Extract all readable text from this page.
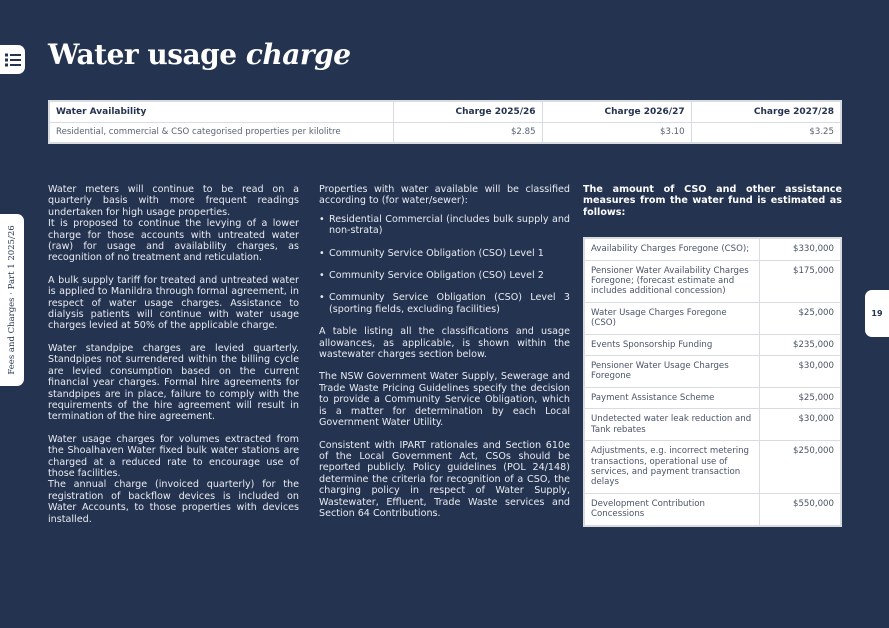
Water usage charge
Fees and Charges · Part 1 2025/26	19
Water Availability	Charge 2025/26	Charge 2026/27	Charge 2027/28
Residential, commercial & CSO categorised properties per kilolitre	$2.85	$3.10	$3.25

Water meters will continue to be read on a quarterly basis with more frequent readings undertaken for high usage properties.

It is proposed to continue the levying of a lower charge for those accounts with untreated water (raw) for usage and availability charges, as recognition of no treatment and reticulation.

A bulk supply tariff for treated and untreated water is applied to Manildra through formal agreement, in respect of water usage charges. Assistance to dialysis patients will continue with water usage charges levied at 50% of the applicable charge.

Water standpipe charges are levied quarterly. Standpipes not surrendered within the billing cycle are levied consumption based on the current financial year charges. Formal hire agreements for standpipes are in place, failure to comply with the requirements of the hire agreement will result in termination of the hire agreement.

Water usage charges for volumes extracted from the Shoalhaven Water fixed bulk water stations are charged at a reduced rate to encourage use of those facilities.

The annual charge (invoiced quarterly) for the registration of backflow devices is included on Water Accounts, to those properties with devices installed.

Properties with water available will be classified according to (for water/sewer):

• Residential Commercial (includes bulk supply and non-strata)
• Community Service Obligation (CSO) Level 1
• Community Service Obligation (CSO) Level 2
• Community Service Obligation (CSO) Level 3 (sporting fields, excluding facilities)

A table listing all the classifications and usage allowances, as applicable, is shown within the wastewater charges section below.

The NSW Government Water Supply, Sewerage and Trade Waste Pricing Guidelines specify the decision to provide a Community Service Obligation, which is a matter for determination by each Local Government Water Utility.

Consistent with IPART rationales and Section 610e of the Local Government Act, CSOs should be reported publicly. Policy guidelines (POL 24/148) determine the criteria for recognition of a CSO, the charging policy in respect of Water Supply, Wastewater, Effluent, Trade Waste services and Section 64 Contributions.

The amount of CSO and other assistance measures from the water fund is estimated as follows:

Availability Charges Foregone (CSO);	$330,000
Pensioner Water Availability Charges Foregone; (forecast estimate and includes additional concession)	$175,000
Water Usage Charges Foregone (CSO)	$25,000
Events Sponsorship Funding	$235,000
Pensioner Water Usage Charges Foregone	$30,000
Payment Assistance Scheme	$25,000
Undetected water leak reduction and Tank rebates	$30,000
Adjustments, e.g. incorrect metering transactions, operational use of services, and payment transaction delays	$250,000
Development Contribution Concessions	$550,000
